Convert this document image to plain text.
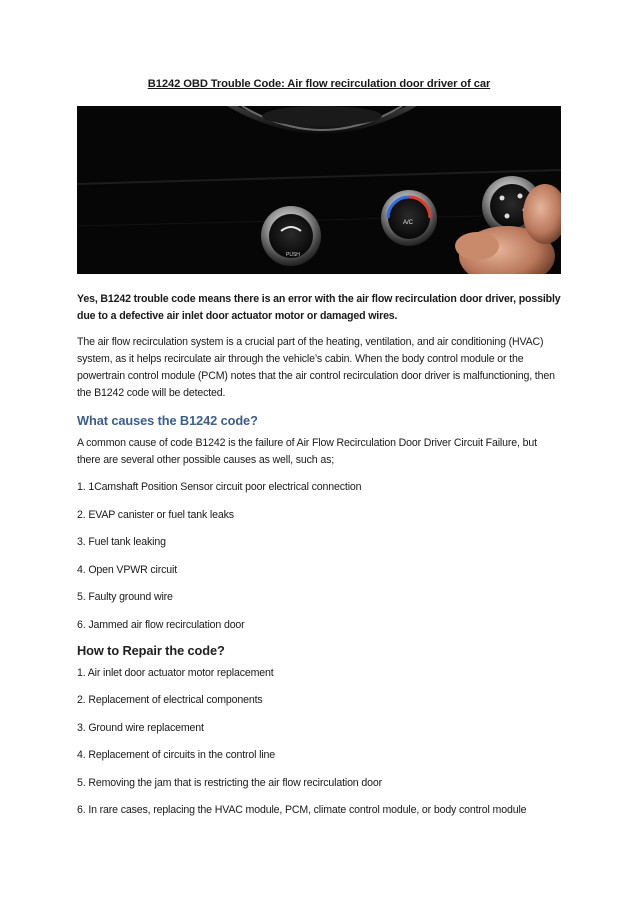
B1242 OBD Trouble Code: Air flow recirculation door driver of car
PUSH
A/C

Yes, B1242 trouble code means there is an error with the air flow recirculation door driver, possibly due to a defective air inlet door actuator motor or damaged wires.

The air flow recirculation system is a crucial part of the heating, ventilation, and air conditioning (HVAC) system, as it helps recirculate air through the vehicle’s cabin. When the body control module or the powertrain control module (PCM) notes that the air control recirculation door driver is malfunctioning, then the B1242 code will be detected.

What causes the B1242 code?

A common cause of code B1242 is the failure of Air Flow Recirculation Door Driver Circuit Failure, but there are several other possible causes as well, such as;

1. 1Camshaft Position Sensor circuit poor electrical connection
2. EVAP canister or fuel tank leaks
3. Fuel tank leaking
4. Open VPWR circuit
5. Faulty ground wire
6. Jammed air flow recirculation door
How to Repair the code?
1. Air inlet door actuator motor replacement
2. Replacement of electrical components
3. Ground wire replacement
4. Replacement of circuits in the control line
5. Removing the jam that is restricting the air flow recirculation door
6. In rare cases, replacing the HVAC module, PCM, climate control module, or body control module
